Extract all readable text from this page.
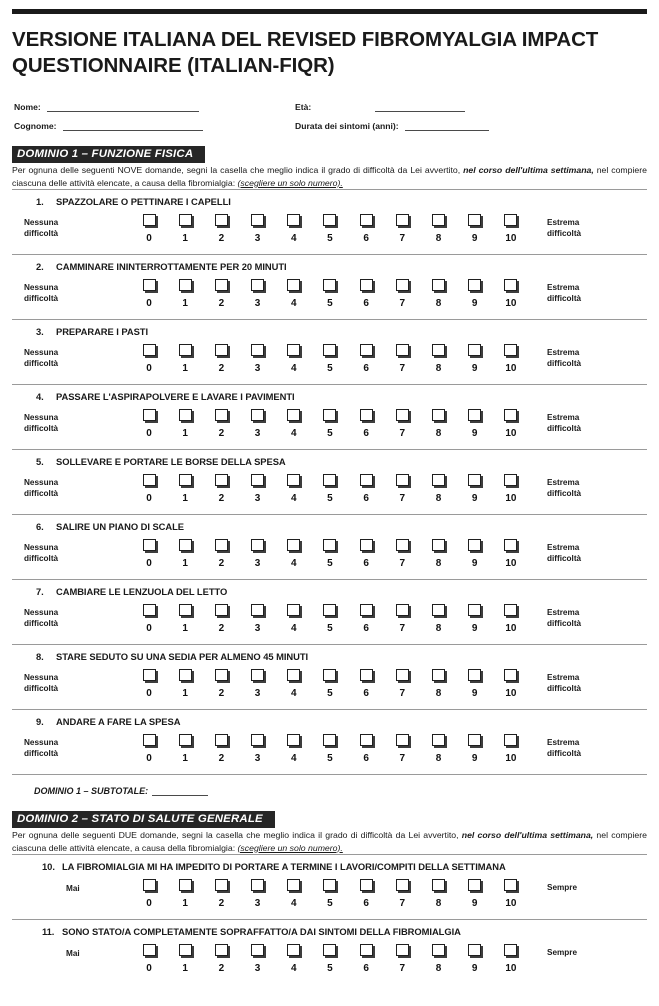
VERSIONE ITALIANA DEL REVISED FIBROMYALGIA IMPACT
QUESTIONNAIRE (ITALIAN-FIQR)
Nome:
Cognome:
Età:
Durata dei sintomi (anni):
DOMINIO 1 – FUNZIONE FISICA
Per ognuna delle seguenti NOVE domande, segni la casella che meglio indica il grado di difficoltà da Lei avvertito, nel corso dell'ultima settimana, nel compiere ciascuna delle attività elencate, a causa della fibromialgia: (scegliere un solo numero).
1. SPAZZOLARE O PETTINARE I CAPELLI
Nessuna
difficoltà	0	1	2	3	4	5	6	7	8	9	10
Estrema
difficoltà
2. CAMMINARE ININTERROTTAMENTE PER 20 MINUTI
Nessuna
difficoltà	0	1	2	3	4	5	6	7	8	9	10
Estrema
difficoltà
3. PREPARARE I PASTI
Nessuna
difficoltà	0	1	2	3	4	5	6	7	8	9	10
Estrema
difficoltà
4. PASSARE L'ASPIRAPOLVERE E LAVARE I PAVIMENTI
Nessuna
difficoltà	0	1	2	3	4	5	6	7	8	9	10
Estrema
difficoltà
5. SOLLEVARE E PORTARE LE BORSE DELLA SPESA
Nessuna
difficoltà	0	1	2	3	4	5	6	7	8	9	10
Estrema
difficoltà
6. SALIRE UN PIANO DI SCALE
Nessuna
difficoltà	0	1	2	3	4	5	6	7	8	9	10
Estrema
difficoltà
7. CAMBIARE LE LENZUOLA DEL LETTO
Nessuna
difficoltà	0	1	2	3	4	5	6	7	8	9	10
Estrema
difficoltà
8. STARE SEDUTO SU UNA SEDIA PER ALMENO 45 MINUTI
Nessuna
difficoltà	0	1	2	3	4	5	6	7	8	9	10
Estrema
difficoltà
9. ANDARE A FARE LA SPESA
Nessuna
difficoltà	0	1	2	3	4	5	6	7	8	9	10
Estrema
difficoltà
DOMINIO 1 – SUBTOTALE:
DOMINIO 2 – STATO DI SALUTE GENERALE
Per ognuna delle seguenti DUE domande, segni la casella che meglio indica il grado di difficoltà da Lei avvertito, nel corso dell'ultima settimana, nel compiere ciascuna delle attività elencate, a causa della fibromialgia: (scegliere un solo numero).
10. LA FIBROMIALGIA MI HA IMPEDITO DI PORTARE A TERMINE I LAVORI/COMPITI DELLA SETTIMANA
Mai
0	1	2	3	4	5	6	7	8	9	10
Sempre
11. SONO STATO/A COMPLETAMENTE SOPRAFFATTO/A DAI SINTOMI DELLA FIBROMIALGIA
Mai
0	1	2	3	4	5	6	7	8	9	10
Sempre
